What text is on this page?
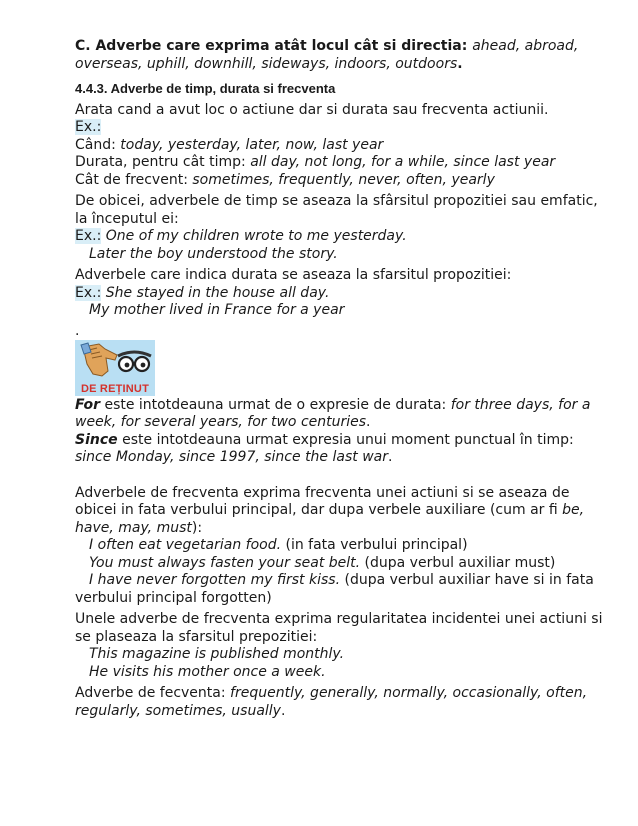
C. Adverbe care exprima atât locul cât si directia: ahead, abroad, overseas, uphill, downhill, sideways, indoors, outdoors.

4.4.3. Adverbe de timp, durata si frecventa

Arata cand a avut loc o actiune dar si durata sau frecventa actiunii.

Ex.:

Când: today, yesterday, later, now, last year

Durata, pentru cât timp: all day, not long, for a while, since last year

Cât de frecvent: sometimes, frequently, never, often, yearly

De obicei, adverbele de timp se aseaza la sfârsitul propozitiei sau emfatic, la începutul ei:

Ex.: One of my children wrote to me yesterday.

Later the boy understood the story.

Adverbele care indica durata se aseaza la sfarsitul propozitiei:

Ex.: She stayed in the house all day.

My mother lived in France for a year

.

DE REȚINUT

For este intotdeauna urmat de o expresie de durata: for three days, for a week, for several years, for two centuries.

Since este intotdeauna urmat expresia unui moment punctual în timp:

since Monday, since 1997, since the last war.

Adverbele de frecventa exprima frecventa unei actiuni si se aseaza de obicei in fata verbului principal, dar dupa verbele auxiliare (cum ar fi be, have, may, must):

I often eat vegetarian food. (in fata verbului principal)

You must always fasten your seat belt. (dupa verbul auxiliar must)

I have never forgotten my first kiss. (dupa verbul auxiliar have si in fata verbului principal forgotten)

Unele adverbe de frecventa exprima regularitatea incidentei unei actiuni si se plaseaza la sfarsitul prepozitiei:

This magazine is published monthly.

He visits his mother once a week.

Adverbe de fecventa: frequently, generally, normally, occasionally, often, regularly, sometimes, usually.
